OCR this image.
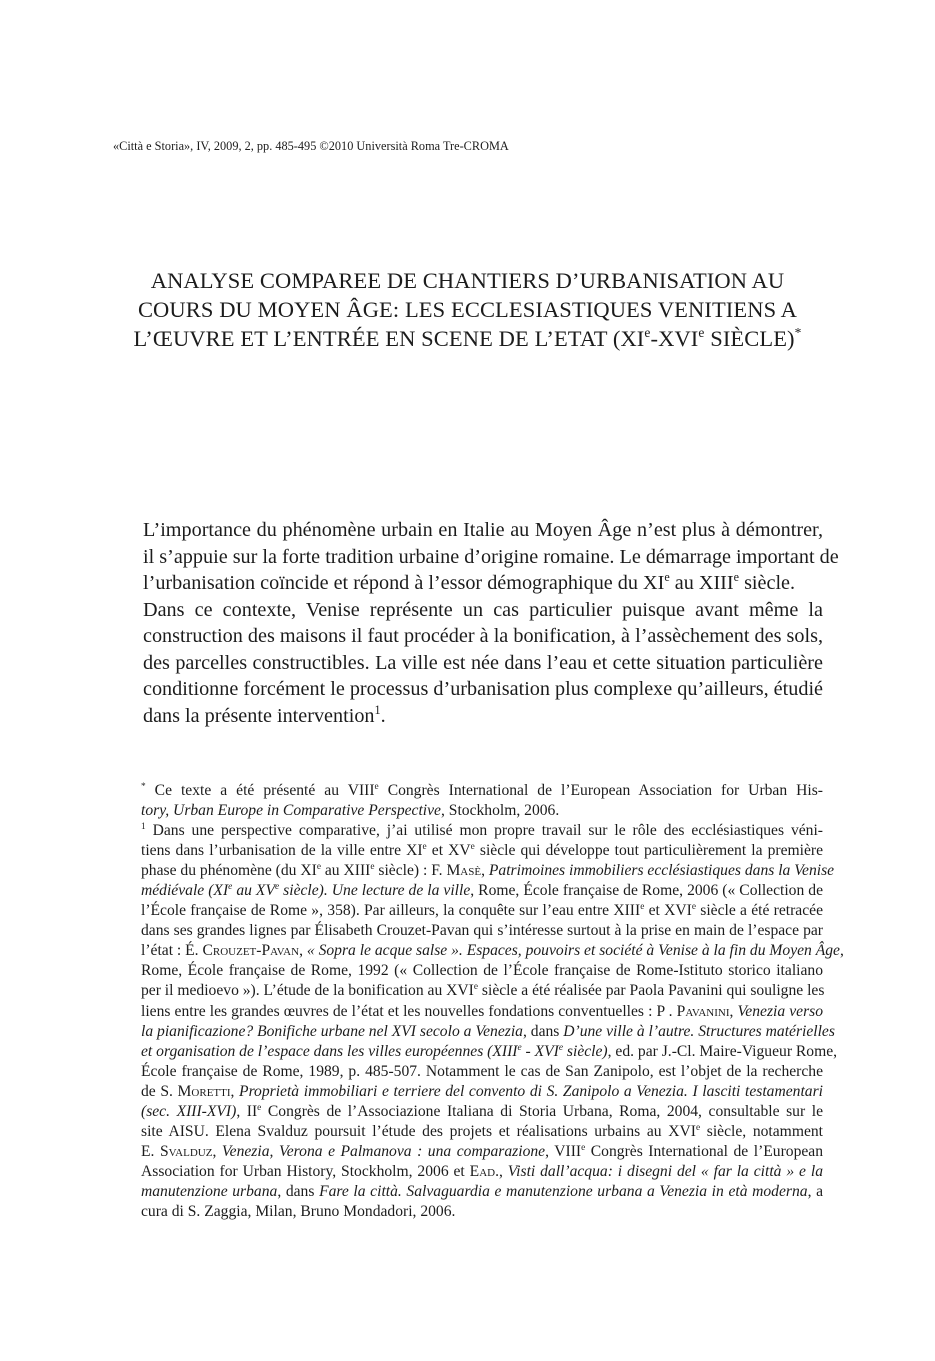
«Città e Storia», IV, 2009, 2, pp. 485-495 ©2010 Università Roma Tre-CROMA
ANALYSE COMPAREE DE CHANTIERS D’URBANISATION AU
COURS DU MOYEN ÂGE: LES ECCLESIASTIQUES VENITIENS A
L’ŒUVRE ET L’ENTRÉE EN SCENE DE L’ETAT (XIe-XVIe SIÈCLE)*

L’importance du phénomène urbain en Italie au Moyen Âge n’est plus à démontrer,
il s’appuie sur la forte tradition urbaine d’origine romaine. Le démarrage important de
l’urbanisation coïncide et répond à l’essor démographique du XIe au XIIIe siècle.

Dans ce contexte, Venise représente un cas particulier puisque avant même la
construction des maisons il faut procéder à la bonification, à l’assèchement des sols,
des parcelles constructibles. La ville est née dans l’eau et cette situation particulière
conditionne forcément le processus d’urbanisation plus complexe qu’ailleurs, étudié
dans la présente intervention$^1$.

* Ce texte a été présenté au VIIIe Congrès International de l’European Association for Urban His-
tory, Urban Europe in Comparative Perspective, Stockholm, 2006.

$^1$ Dans une perspective comparative, j’ai utilisé mon propre travail sur le rôle des ecclésiastiques véni-
tiens dans l’urbanisation de la ville entre XIe et XVe siècle qui développe tout particulièrement la première
phase du phénomène (du XIe au XIIIe siècle) : F. Masè, Patrimoines immobiliers ecclésiastiques dans la Venise
médiévale (XIe au XVe siècle). Une lecture de la ville, Rome, École française de Rome, 2006 (« Collection de
l’École française de Rome », 358). Par ailleurs, la conquête sur l’eau entre XIIIe et XVIe siècle a été retracée
dans ses grandes lignes par Élisabeth Crouzet-Pavan qui s’intéresse surtout à la prise en main de l’espace par
l’état : É. Crouzet-Pavan, « Sopra le acque salse ». Espaces, pouvoirs et société à Venise à la fin du Moyen Âge,
Rome, École française de Rome, 1992 (« Collection de l’École française de Rome-Istituto storico italiano
per il medioevo »). L’étude de la bonification au XVIe siècle a été réalisée par Paola Pavanini qui souligne les
liens entre les grandes œuvres de l’état et les nouvelles fondations conventuelles : P . Pavanini, Venezia verso
la pianificazione? Bonifiche urbane nel XVI secolo a Venezia, dans D’une ville à l’autre. Structures matérielles
et organisation de l’espace dans les villes européennes (XIIIe - XVIe siècle), ed. par J.-Cl. Maire-Vigueur Rome,
École française de Rome, 1989, p. 485-507. Notamment le cas de San Zanipolo, est l’objet de la recherche
de S. Moretti, Proprietà immobiliari e terriere del convento di S. Zanipolo a Venezia. I lasciti testamentari
(sec. XIII-XVI), IIe Congrès de l’Associazione Italiana di Storia Urbana, Roma, 2004, consultable sur le
site AISU. Elena Svalduz poursuit l’étude des projets et réalisations urbains au XVIe siècle, notamment
E. Svalduz, Venezia, Verona e Palmanova : una comparazione, VIIIe Congrès International de l’European
Association for Urban History, Stockholm, 2006 et Ead., Visti dall’acqua: i disegni del « far la città » e la
manutenzione urbana, dans Fare la città. Salvaguardia e manutenzione urbana a Venezia in età moderna, a
cura di S. Zaggia, Milan, Bruno Mondadori, 2006.
